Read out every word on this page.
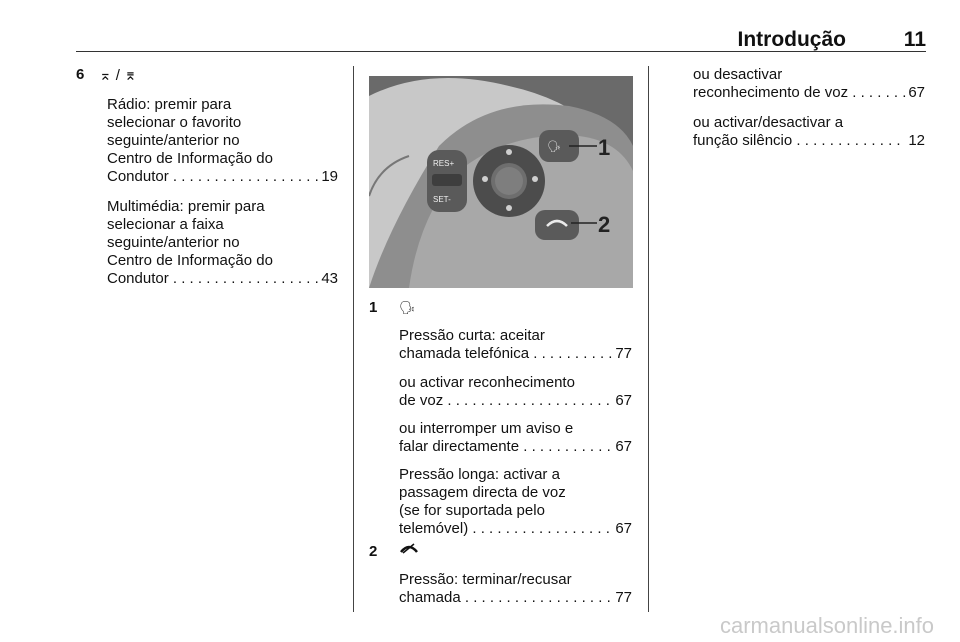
Introdução	11
6 ⌅ / ⌆

Rádio: premir para

selecionar o favorito

seguinte/anterior no

Centro de Informação do

Condutor . . .	19

Multimédia: premir para

selecionar a faixa

seguinte/anterior no

Centro de Informação do

Condutor . . .	43
RES+
SET-
🗣 1
2
1 🗣

Pressão curta: aceitar

chamada telefónica . . .	77

ou activar reconhecimento

de voz . . .	67

ou interromper um aviso e

falar directamente . . .	67

Pressão longa: activar a

passagem directa de voz

(se for suportada pelo

telemóvel) . . .	67
2

Pressão: terminar/recusar

chamada . . .	77

ou desactivar

reconhecimento de voz . . .	67

ou activar/desactivar a

função silêncio . . .	12
carmanualsonline.info
